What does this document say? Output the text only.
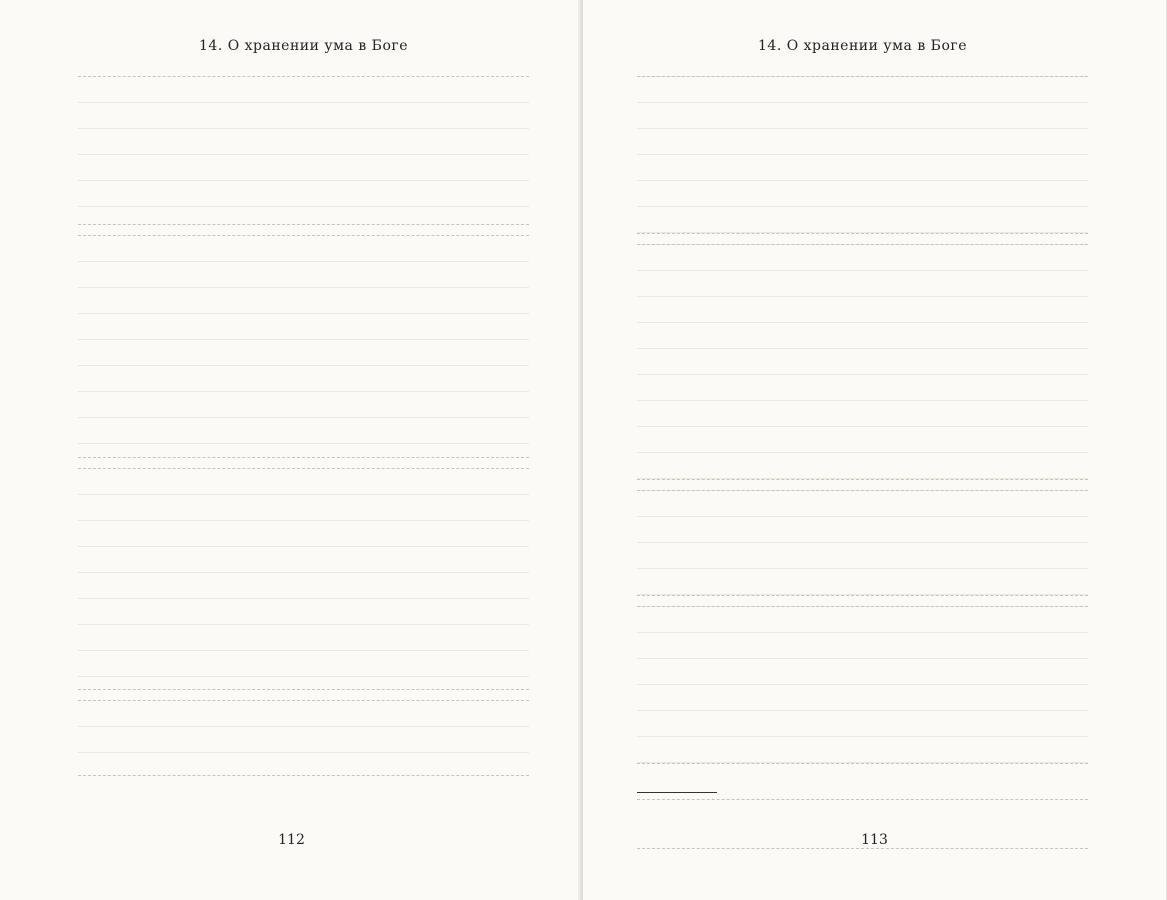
14. О хранении ума в Боге
112
14. О хранении ума в Боге
113
